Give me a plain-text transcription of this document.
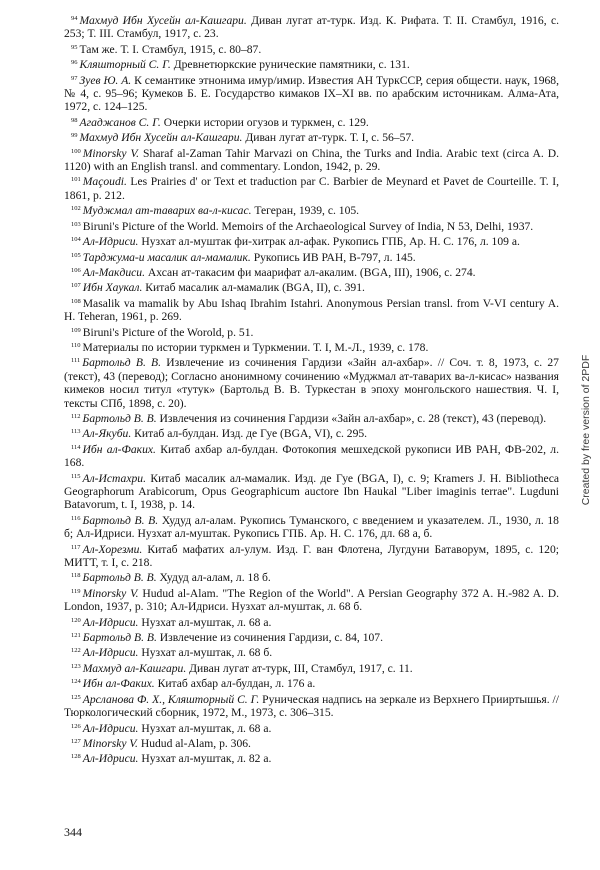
$^{94}$ Махмуд Ибн Хусейн ал-Кашгари. Диван лугат ат-турк. Изд. К. Рифата. Т. II. Стамбул, 1916, с. 253; Т. III. Стамбул, 1917, с. 23.

$^{95}$ Там же. Т. I. Стамбул, 1915, с. 80–87.

$^{96}$ Кляшторный С. Г. Древнетюркские рунические памятники, с. 131.

$^{97}$ Зуев Ю. А. К семантике этнонима имур/имир. Известия АН ТуркССР, серия общести. наук, 1968, № 4, с. 95–96; Кумеков Б. Е. Государство кимаков IX–XI вв. по арабским источникам. Алма-Ата, 1972, с. 124–125.

$^{98}$ Агаджанов С. Г. Очерки истории огузов и туркмен, с. 129.

$^{99}$ Махмуд Ибн Хусейн ал-Кашгари. Диван лугат ат-турк. Т. I, с. 56–57.

$^{100}$ Minorsky V. Sharaf al-Zaman Tahir Marvazi on China, the Turks and India. Arabic text (circa A. D. 1120) with an English transl. and commentary. London, 1942, p. 29.

$^{101}$ Maçoudi. Les Prairies d' or Text et traduction par C. Barbier de Meynard et Pavet de Courteille. T. I, 1861, p. 212.

$^{102}$ Муджмал ат-таварих ва-л-кисас. Тегеран, 1939, с. 105.

$^{103}$ Biruni's Picture of the World. Memoirs of the Archaeological Survey of India, N 53, Delhi, 1937.

$^{104}$ Ал-Идриси. Нузхат ал-муштак фи-хитрак ал-афак. Рукопись ГПБ, Ар. Н. С. 176, л. 109 а.

$^{105}$ Тарджума-и масалик ал-мамалик. Рукопись ИВ РАН, В-797, л. 145.

$^{106}$ Ал-Макдиси. Ахсан ат-такасим фи маарифат ал-акалим. (BGA, III), 1906, с. 274.

$^{107}$ Ибн Хаукал. Китаб масалик ал-мамалик (BGA, II), с. 391.

$^{108}$ Masalik va mamalik by Abu Ishaq Ibrahim Istahri. Anonymous Persian transl. from V-VI century A. H. Teheran, 1961, p. 269.

$^{109}$ Biruni's Picture of the Worold, p. 51.

$^{110}$ Материалы по истории туркмен и Туркмении. Т. I, М.-Л., 1939, с. 178.

$^{111}$ Бартольд В. В. Извлечение из сочинения Гардизи «Зайн ал-ахбар». // Соч. т. 8, 1973, с. 27 (текст), 43 (перевод); Согласно анонимному сочинению «Муджмал ат-таварих ва-л-кисас» названия кимеков носил титул «тутук» (Бартольд В. В. Туркестан в эпоху монгольского нашествия. Ч. I, тексты СПб, 1898, с. 20).

$^{112}$ Бартольд В. В. Извлечения из сочинения Гардизи «Зайн ал-ахбар», с. 28 (текст), 43 (перевод).

$^{113}$ Ал-Якуби. Китаб ал-булдан. Изд. де Гуе (BGA, VI), с. 295.

$^{114}$ Ибн ал-Факих. Китаб ахбар ал-булдан. Фотокопия мешхедской рукописи ИВ РАН, ФВ-202, л. 168.

$^{115}$ Ал-Истахри. Китаб масалик ал-мамалик. Изд. де Гуе (BGA, I), с. 9; Kramers J. H. Bibliotheca Geographorum Arabicorum, Opus Geographicum auctore Ibn Haukal "Liber imaginis terrae". Lugduni Batavorum, t. I, 1938, p. 14.

$^{116}$ Бартольд В. В. Худуд ал-алам. Рукопись Туманского, с введением и указателем. Л., 1930, л. 18 б; Ал-Идриси. Нузхат ал-муштак. Рукопись ГПБ. Ар. Н. С. 176, дл. 68 а, б.

$^{117}$ Ал-Хорезми. Китаб мафатих ал-улум. Изд. Г. ван Флотена, Лугдуни Батаворум, 1895, с. 120; МИТТ, т. I, с. 218.

$^{118}$ Бартольд В. В. Худуд ал-алам, л. 18 б.

$^{119}$ Minorsky V. Hudud al-Alam. "The Region of the World". A Persian Geography 372 A. H.-982 A. D. London, 1937, p. 310; Ал-Идриси. Нузхат ал-муштак, л. 68 б.

$^{120}$ Ал-Идриси. Нузхат ал-муштак, л. 68 а.

$^{121}$ Бартольд В. В. Извлечение из сочинения Гардизи, с. 84, 107.

$^{122}$ Ал-Идриси. Нузхат ал-муштак, л. 68 б.

$^{123}$ Махмуд ал-Кашгари. Диван лугат ат-турк, III, Стамбул, 1917, с. 11.

$^{124}$ Ибн ал-Факих. Китаб ахбар ал-булдан, л. 176 а.

$^{125}$ Арсланова Ф. Х., Кляшторный С. Г. Руническая надпись на зеркале из Верхнего Прииртышья. // Тюркологический сборник, 1972, М., 1973, с. 306–315.

$^{126}$ Ал-Идриси. Нузхат ал-муштак, л. 68 а.

$^{127}$ Minorsky V. Hudud al-Alam, p. 306.

$^{128}$ Ал-Идриси. Нузхат ал-муштак, л. 82 а.

344
Created by free version of 2PDF
